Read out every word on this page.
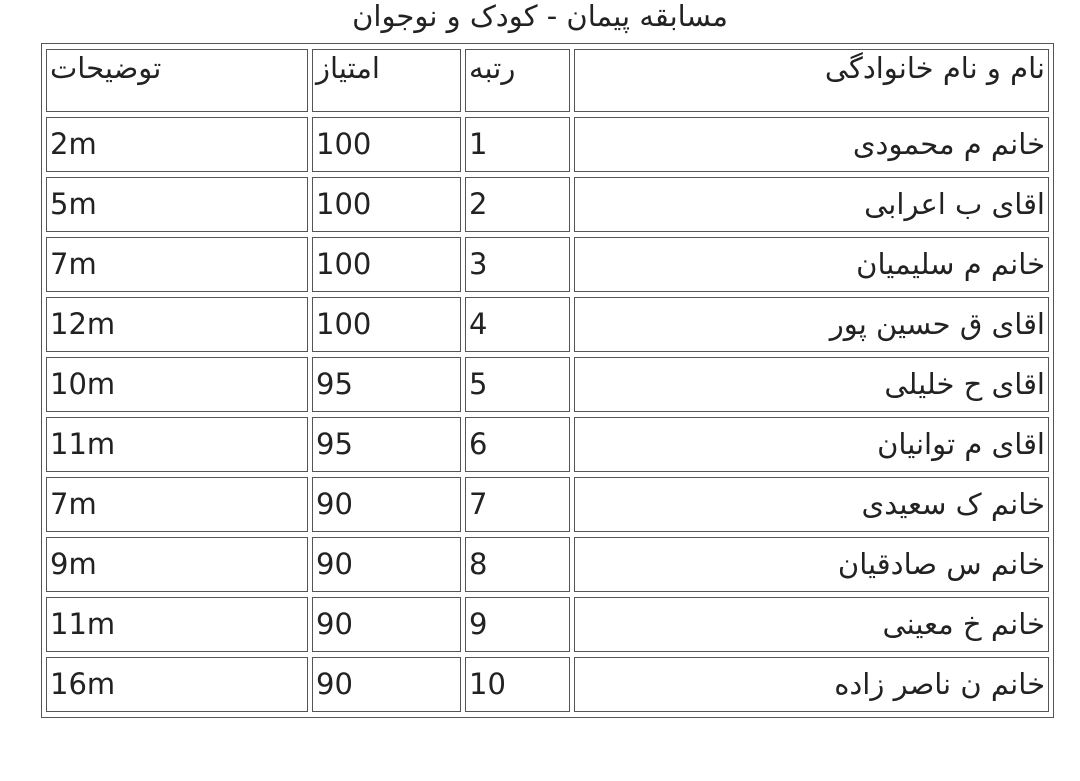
مسابقه پیمان - کودک و نوجوان
نام و نام خانوادگی	رتبه	امتیاز	توضیحات
خانم م محمودی	1	100	2m
اقای ب اعرابی	2	100	5m
خانم م سلیمیان	3	100	7m
اقای ق حسین پور	4	100	12m
اقای ح خلیلی	5	95	10m
اقای م توانیان	6	95	11m
خانم ک سعیدی	7	90	7m
خانم س صادقیان	8	90	9m
خانم خ معینی	9	90	11m
خانم ن ناصر زاده	10	90	16m
